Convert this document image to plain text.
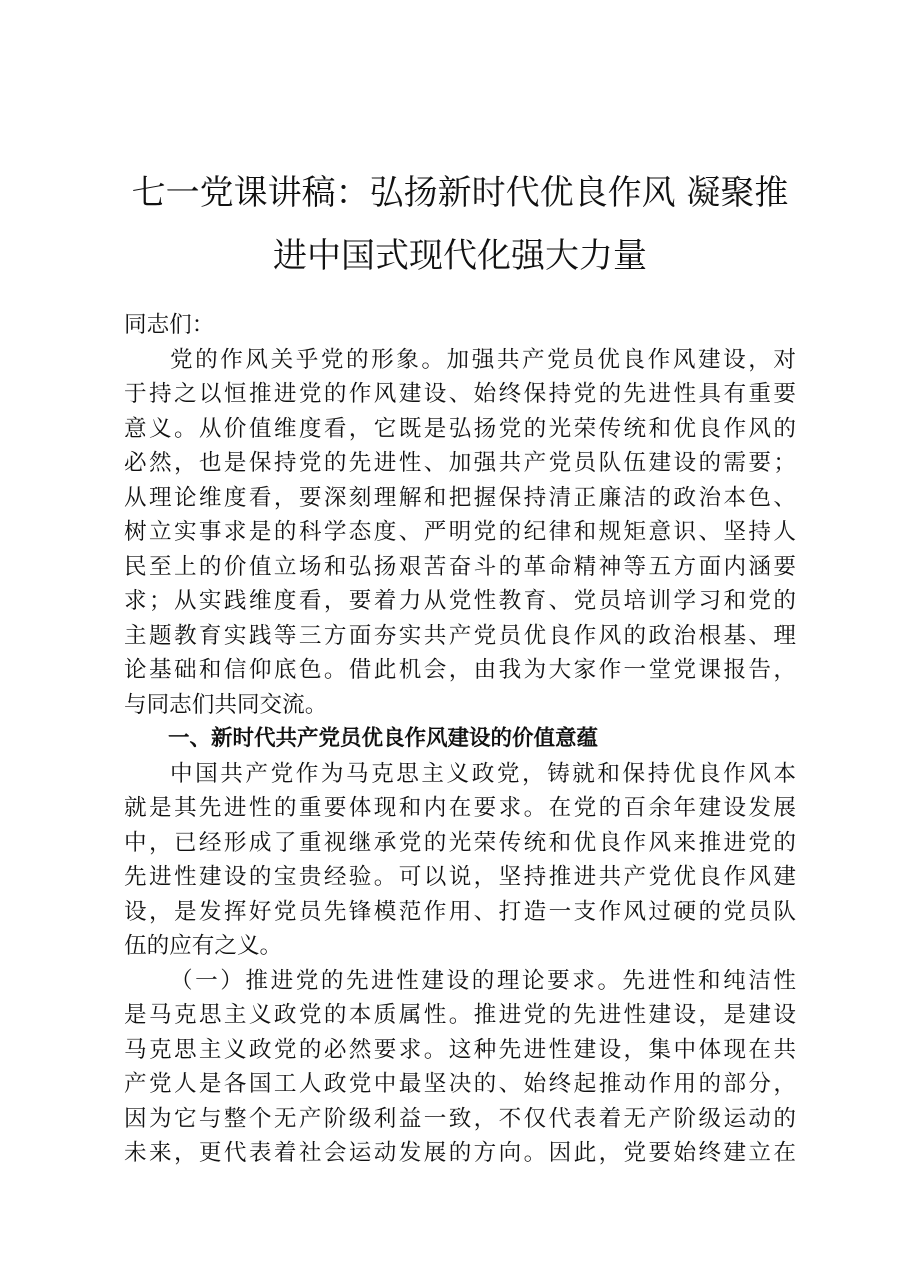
七一党课讲稿：弘扬新时代优良作风 凝聚推
进中国式现代化强大力量
同志们：
党的作风关乎党的形象。加强共产党员优良作风建设，对
于持之以恒推进党的作风建设、始终保持党的先进性具有重要
意义。从价值维度看，它既是弘扬党的光荣传统和优良作风的
必然，也是保持党的先进性、加强共产党员队伍建设的需要；
从理论维度看，要深刻理解和把握保持清正廉洁的政治本色、
树立实事求是的科学态度、严明党的纪律和规矩意识、坚持人
民至上的价值立场和弘扬艰苦奋斗的革命精神等五方面内涵要
求；从实践维度看，要着力从党性教育、党员培训学习和党的
主题教育实践等三方面夯实共产党员优良作风的政治根基、理
论基础和信仰底色。借此机会，由我为大家作一堂党课报告，
与同志们共同交流。
一、新时代共产党员优良作风建设的价值意蕴
中国共产党作为马克思主义政党，铸就和保持优良作风本
就是其先进性的重要体现和内在要求。在党的百余年建设发展
中，已经形成了重视继承党的光荣传统和优良作风来推进党的
先进性建设的宝贵经验。可以说，坚持推进共产党优良作风建
设，是发挥好党员先锋模范作用、打造一支作风过硬的党员队
伍的应有之义。
（一）推进党的先进性建设的理论要求。先进性和纯洁性
是马克思主义政党的本质属性。推进党的先进性建设，是建设
马克思主义政党的必然要求。这种先进性建设，集中体现在共
产党人是各国工人政党中最坚决的、始终起推动作用的部分，
因为它与整个无产阶级利益一致，不仅代表着无产阶级运动的
未来，更代表着社会运动发展的方向。因此，党要始终建立在
